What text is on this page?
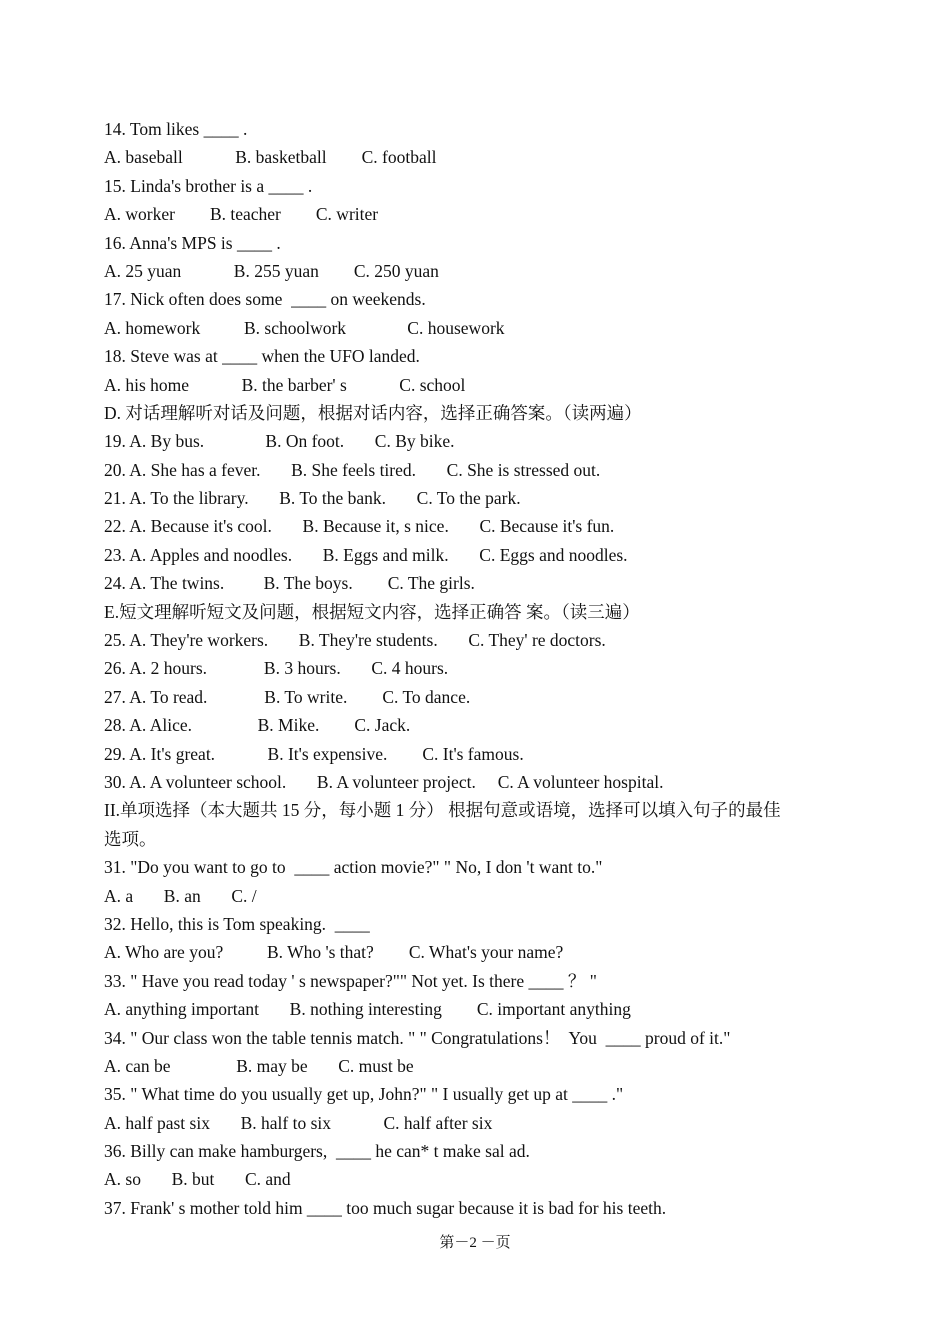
14. Tom likes ____ .
A. baseball            B. basketball        C. football
15. Linda's brother is a ____ .
A. worker        B. teacher        C. writer
16. Anna's MPS is ____ .
A. 25 yuan            B. 255 yuan        C. 250 yuan
17. Nick often does some  ____ on weekends.
A. homework          B. schoolwork              C. housework
18. Steve was at ____ when the UFO landed.
A. his home            B. the barber' s            C. school
D. 对话理解听对话及问题，根据对话内容，选择正确答案。（读两遍）
19. A. By bus.              B. On foot.       C. By bike.
20. A. She has a fever.       B. She feels tired.       C. She is stressed out.
21. A. To the library.       B. To the bank.       C. To the park.
22. A. Because it's cool.       B. Because it, s nice.       C. Because it's fun.
23. A. Apples and noodles.       B. Eggs and milk.       C. Eggs and noodles.
24. A. The twins.         B. The boys.        C. The girls.
E.短文理解听短文及问题，根据短文内容，选择正确答 案。（读三遍）
25. A. They're workers.       B. They're students.       C. They' re doctors.
26. A. 2 hours.             B. 3 hours.       C. 4 hours.
27. A. To read.             B. To write.        C. To dance.
28. A. Alice.               B. Mike.        C. Jack.
29. A. It's great.            B. It's expensive.        C. It's famous.
30. A. A volunteer school.       B. A volunteer project.     C. A volunteer hospital.
II.单项选择（本大题共 15 分，每小题 1 分） 根据句意或语境，选择可以填入句子的最佳
选项。
31. "Do you want to go to  ____ action movie?" " No, I don 't want to."
A. a       B. an       C. /
32. Hello, this is Tom speaking.  ____
A. Who are you?          B. Who 's that?        C. What's your name?
33. " Have you read today ' s newspaper?"" Not yet. Is there ____ ？ "
A. anything important       B. nothing interesting        C. important anything
34. " Our class won the table tennis match. " " Congratulations！  You  ____ proud of it."
A. can be               B. may be       C. must be
35. " What time do you usually get up, John?" " I usually get up at ____ ."
A. half past six       B. half to six            C. half after six
36. Billy can make hamburgers,  ____ he can* t make sal ad.
A. so       B. but       C. and
37. Frank' s mother told him ____ too much sugar because it is bad for his teeth.
第－2 －页
